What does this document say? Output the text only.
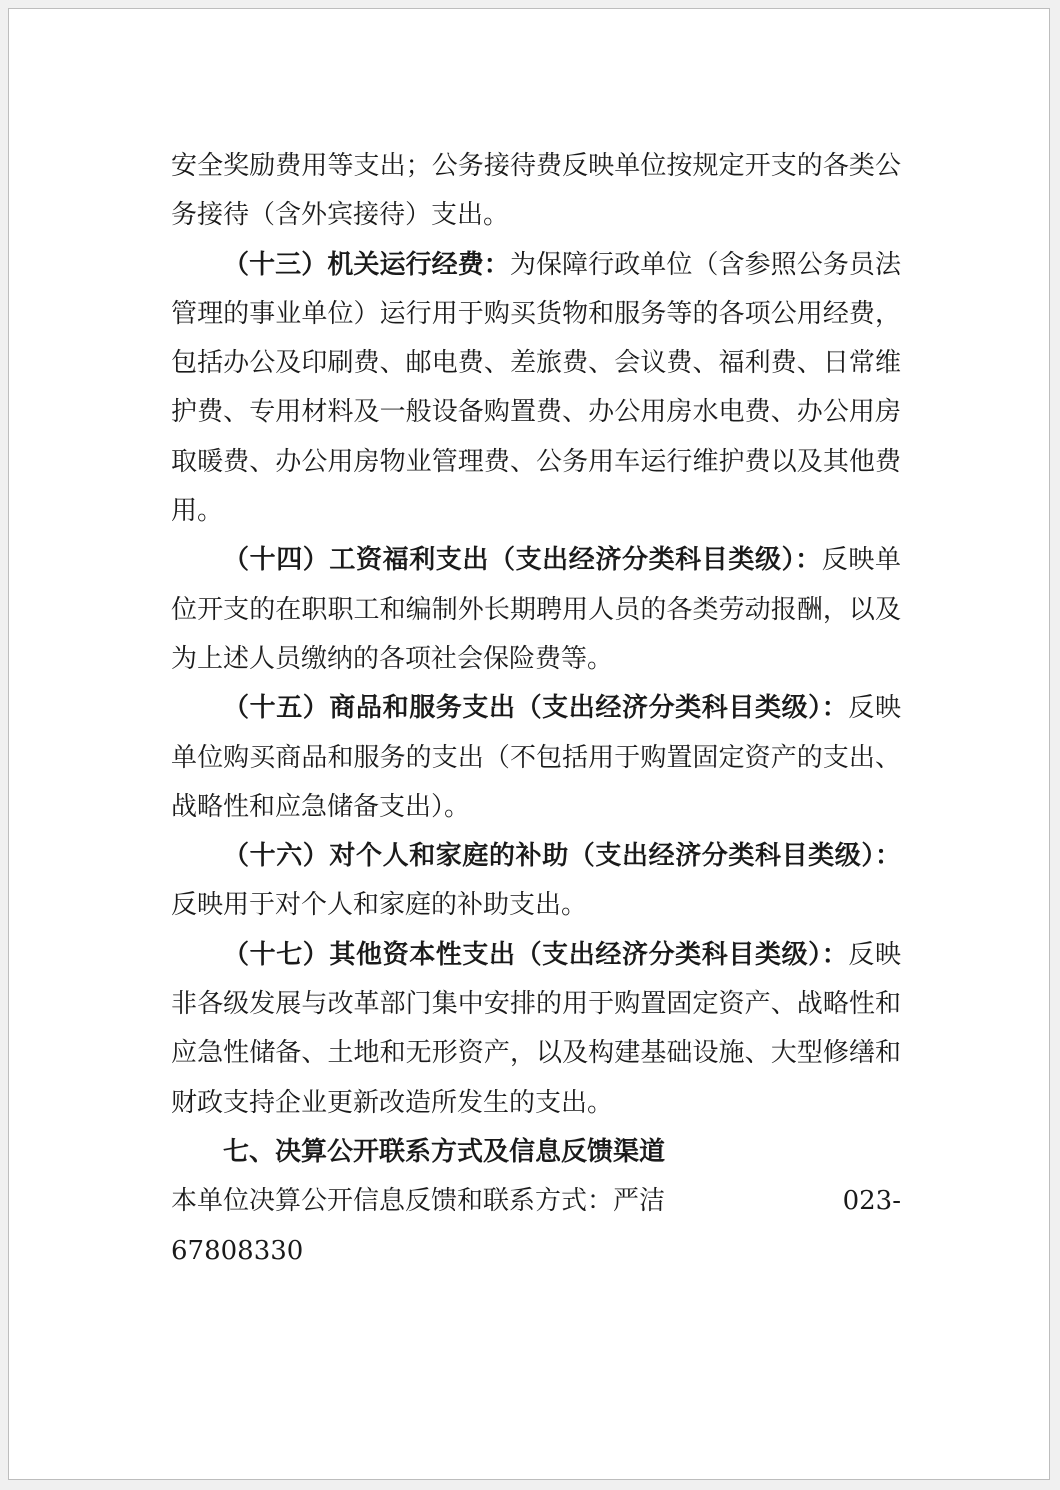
安全奖励费用等支出；公务接待费反映单位按规定开支的各类公务接待（含外宾接待）支出。

（十三）机关运行经费：为保障行政单位（含参照公务员法管理的事业单位）运行用于购买货物和服务等的各项公用经费，包括办公及印刷费、邮电费、差旅费、会议费、福利费、日常维护费、专用材料及一般设备购置费、办公用房水电费、办公用房取暖费、办公用房物业管理费、公务用车运行维护费以及其他费用。

（十四）工资福利支出（支出经济分类科目类级）：反映单位开支的在职职工和编制外长期聘用人员的各类劳动报酬，以及为上述人员缴纳的各项社会保险费等。

（十五）商品和服务支出（支出经济分类科目类级）：反映单位购买商品和服务的支出（不包括用于购置固定资产的支出、战略性和应急储备支出）。

（十六）对个人和家庭的补助（支出经济分类科目类级）：反映用于对个人和家庭的补助支出。

（十七）其他资本性支出（支出经济分类科目类级）：反映非各级发展与改革部门集中安排的用于购置固定资产、战略性和应急性储备、土地和无形资产，以及构建基础设施、大型修缮和财政支持企业更新改造所发生的支出。

七、决算公开联系方式及信息反馈渠道

本单位决算公开信息反馈和联系方式：严洁	023-

67808330
